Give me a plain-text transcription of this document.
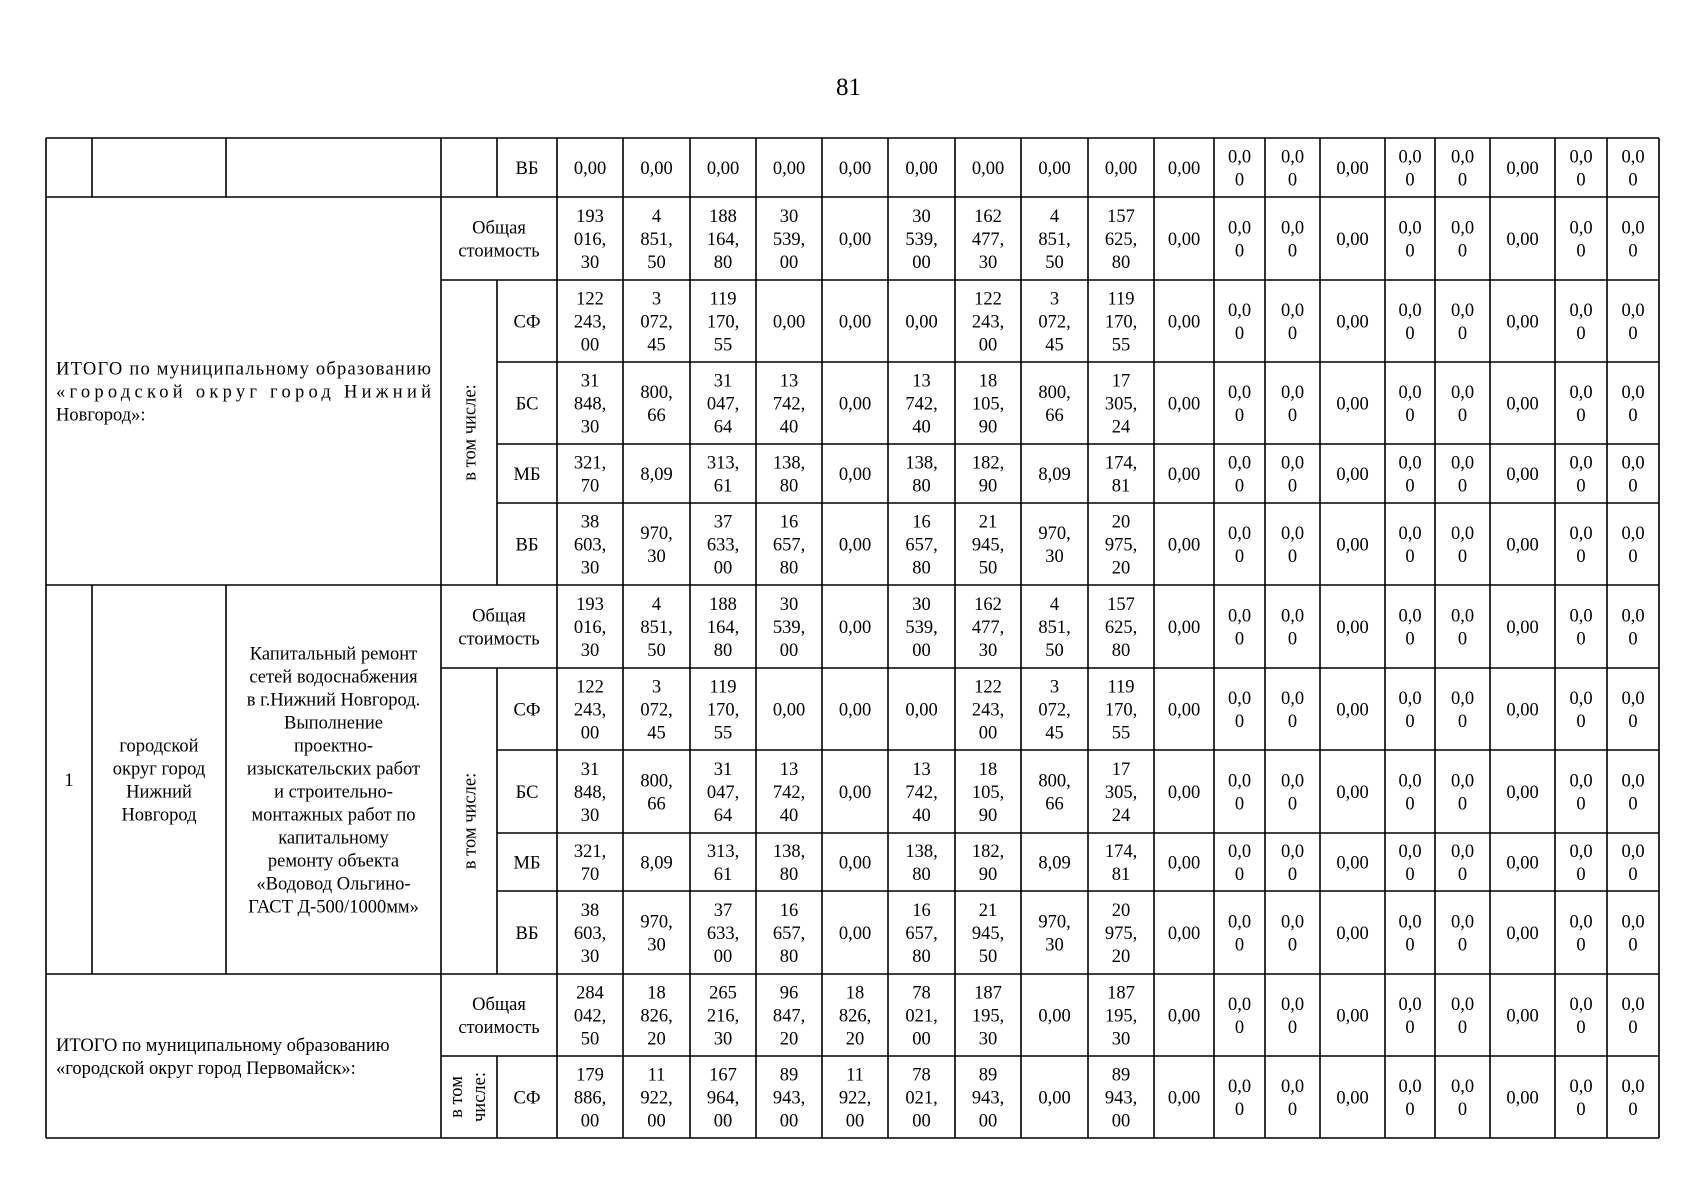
81
ВБ 0,00 0,00 0,00 0,00 0,00 0,00 0,00 0,00 0,00 0,00
0,0
0
0,0
0
0,00
0,0
0
0,0
0
0,00
0,0
0
0,0
0
Общая
стоимость
193
016,
30
4
851,
50
188
164,
80
30
539,
00
0,00
30
539,
00
162
477,
30
4
851,
50
157
625,
80
0,00
0,0
0
0,0
0
0,00
0,0
0
0,0
0
0,00
0,0
0
0,0
0
СФ
122
243,
00
3
072,
45
119
170,
55
0,00 0,00 0,00
122
243,
00
3
072,
45
119
170,
55
0,00
0,0
0
0,0
0
0,00
0,0
0
0,0
0
0,00
0,0
0
0,0
0
БС
31
848,
30
800,
66
31
047,
64
13
742,
40
0,00
13
742,
40
18
105,
90
800,
66
17
305,
24
0,00
0,0
0
0,0
0
0,00
0,0
0
0,0
0
0,00
0,0
0
0,0
0
МБ
321,
70
8,09
313,
61
138,
80
0,00
138,
80
182,
90
8,09
174,
81
0,00
0,0
0
0,0
0
0,00
0,0
0
0,0
0
0,00
0,0
0
0,0
0
ВБ
38
603,
30
970,
30
37
633,
00
16
657,
80
0,00
16
657,
80
21
945,
50
970,
30
20
975,
20
0,00
0,0
0
0,0
0
0,00
0,0
0
0,0
0
0,00
0,0
0
0,0
0
в том числе:
ИТОГО по муниципальному образованию
«городской округ город Нижний
Новгород»:
Общая
стоимость
193
016,
30
4
851,
50
188
164,
80
30
539,
00
0,00
30
539,
00
162
477,
30
4
851,
50
157
625,
80
0,00
0,0
0
0,0
0
0,00
0,0
0
0,0
0
0,00
0,0
0
0,0
0
СФ
122
243,
00
3
072,
45
119
170,
55
0,00 0,00 0,00
122
243,
00
3
072,
45
119
170,
55
0,00
0,0
0
0,0
0
0,00
0,0
0
0,0
0
0,00
0,0
0
0,0
0
БС
31
848,
30
800,
66
31
047,
64
13
742,
40
0,00
13
742,
40
18
105,
90
800,
66
17
305,
24
0,00
0,0
0
0,0
0
0,00
0,0
0
0,0
0
0,00
0,0
0
0,0
0
МБ
321,
70
8,09
313,
61
138,
80
0,00
138,
80
182,
90
8,09
174,
81
0,00
0,0
0
0,0
0
0,00
0,0
0
0,0
0
0,00
0,0
0
0,0
0
ВБ
38
603,
30
970,
30
37
633,
00
16
657,
80
0,00
16
657,
80
21
945,
50
970,
30
20
975,
20
0,00
0,0
0
0,0
0
0,00
0,0
0
0,0
0
0,00
0,0
0
0,0
0
в том числе:
1
городской
округ город
Нижний
Новгород
Капитальный ремонт
сетей водоснабжения
в г.Нижний Новгород.
Выполнение
проектно-
изыскательских работ
и строительно-
монтажных работ по
капитальному
ремонту объекта
«Водовод Ольгино-
ГАСТ Д-500/1000мм»
Общая
стоимость
284
042,
50
18
826,
20
265
216,
30
96
847,
20
18
826,
20
78
021,
00
187
195,
30
0,00
187
195,
30
0,00
0,0
0
0,0
0
0,00
0,0
0
0,0
0
0,00
0,0
0
0,0
0
СФ
179
886,
00
11
922,
00
167
964,
00
89
943,
00
11
922,
00
78
021,
00
89
943,
00
0,00
89
943,
00
0,00
0,0
0
0,0
0
0,00
0,0
0
0,0
0
0,00
0,0
0
0,0
0
в том числе:
ИТОГО по муниципальному образованию
«городской округ город Первомайск»:
